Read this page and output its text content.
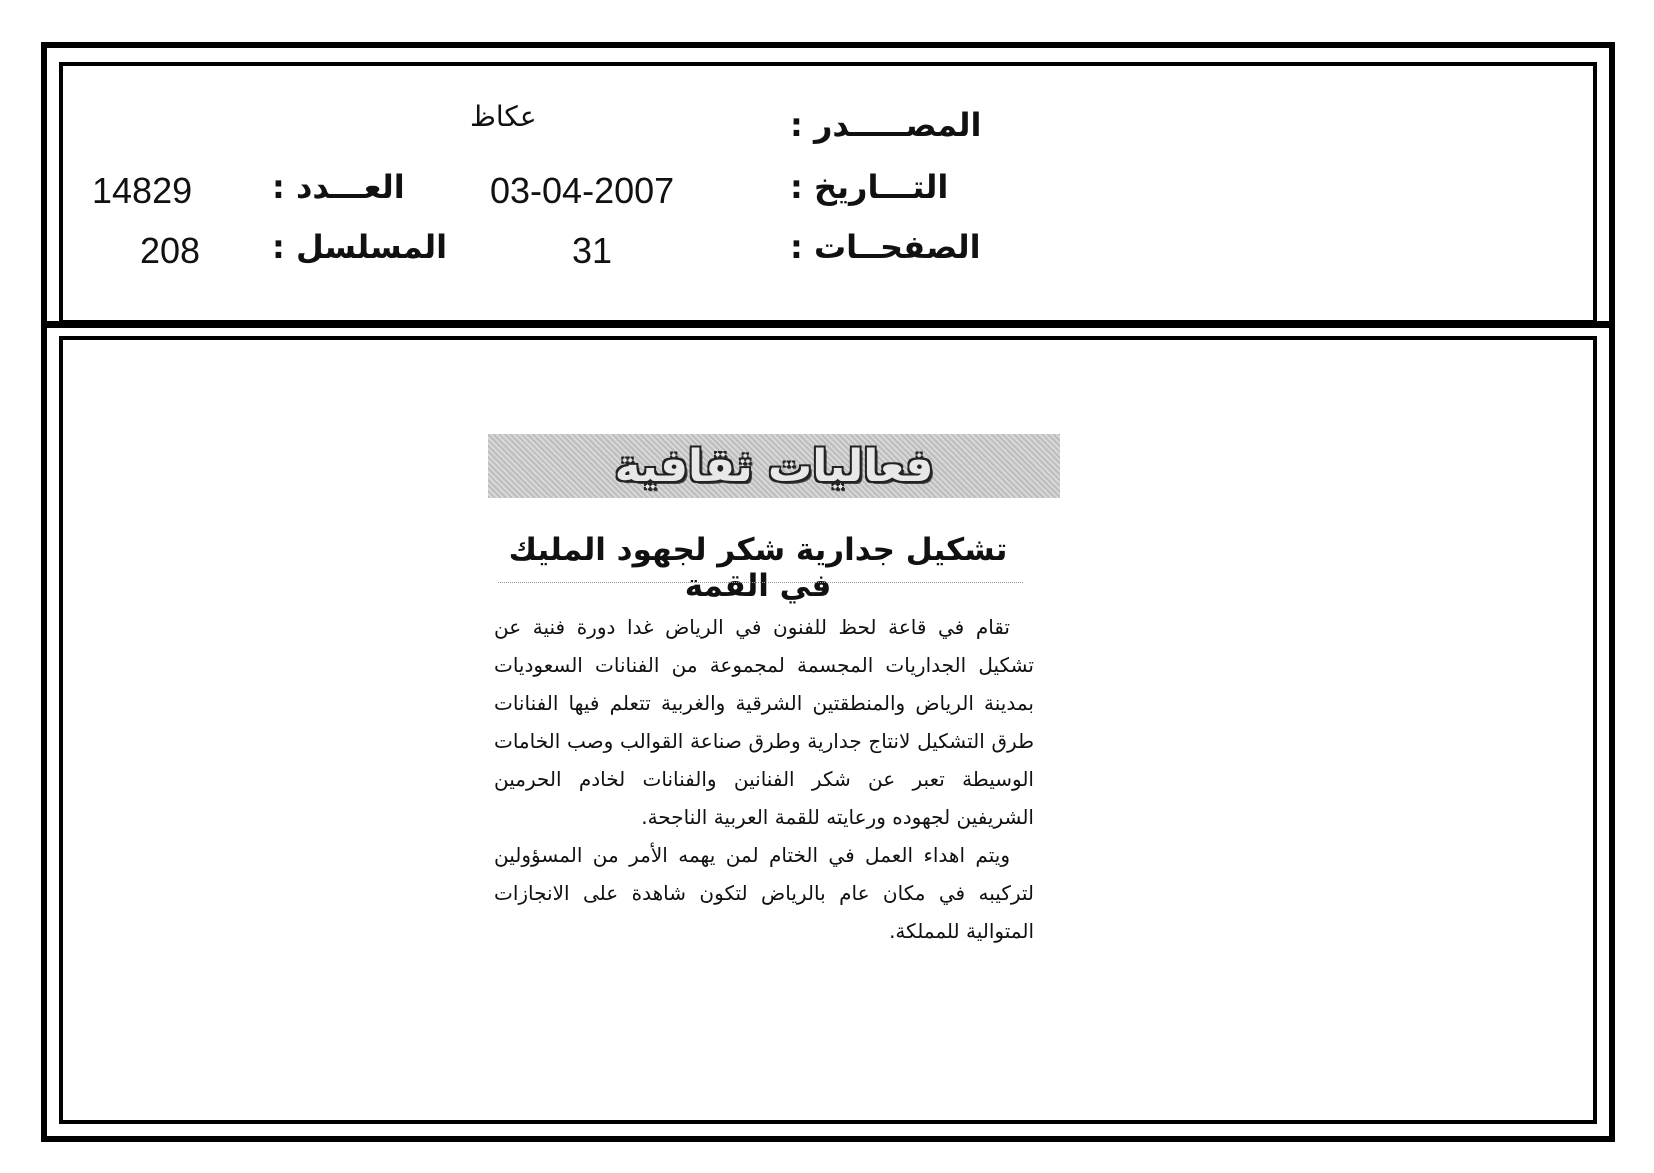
عكاظ	المصـــــدر :
14829 العـــدد : 03-04-2007	التـــاريخ :
208 المسلسل :	31	الصفحــات :
فعاليات ثقافية
تشكيل جدارية شكر لجهود المليك في القمة

تقام في قاعة لحظ للفنون في الرياض غدا دورة فنية عن تشكيل الجداريات المجسمة لمجموعة من الفنانات السعوديات بمدينة الرياض والمنطقتين الشرقية والغربية تتعلم فيها الفنانات طرق التشكيل لانتاج جدارية وطرق صناعة القوالب وصب الخامات الوسيطة تعبر عن شكر الفنانين والفنانات لخادم الحرمين الشريفين لجهوده ورعايته للقمة العربية الناجحة.

ويتم اهداء العمل في الختام لمن يهمه الأمر من المسؤولين لتركيبه في مكان عام بالرياض لتكون شاهدة على الانجازات المتوالية للمملكة.
